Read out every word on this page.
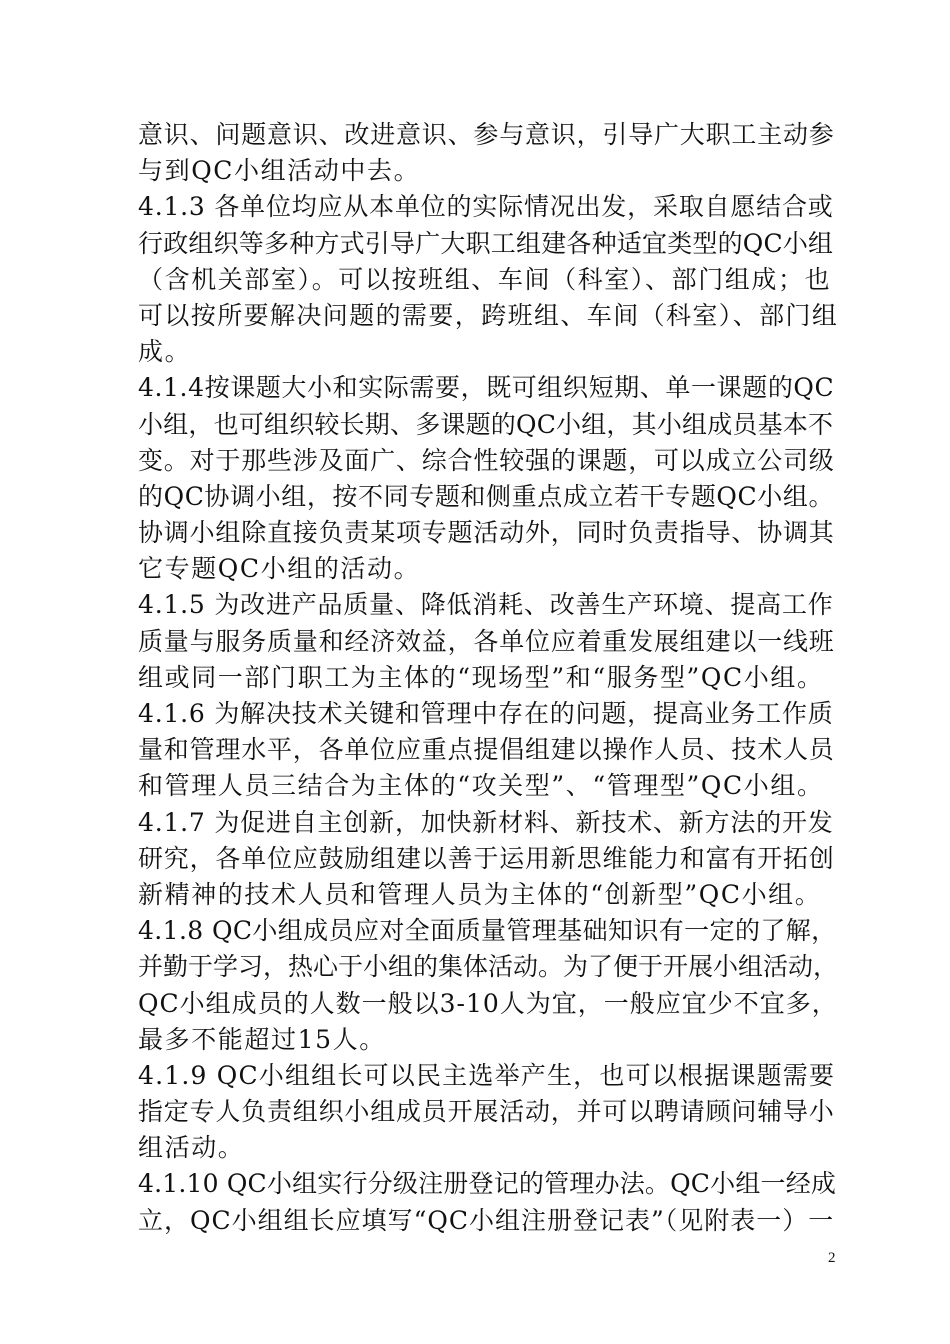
意识、问题意识、改进意识、参与意识，引导广大职工主动参
与到QC小组活动中去。
4.1.3 各单位均应从本单位的实际情况出发，采取自愿结合或
行政组织等多种方式引导广大职工组建各种适宜类型的QC小组
（含机关部室）。可以按班组、车间（科室）、部门组成；也
可以按所要解决问题的需要，跨班组、车间（科室）、部门组
成。
4.1.4按课题大小和实际需要，既可组织短期、单一课题的QC
小组，也可组织较长期、多课题的QC小组，其小组成员基本不
变。对于那些涉及面广、综合性较强的课题，可以成立公司级
的QC协调小组，按不同专题和侧重点成立若干专题QC小组。
协调小组除直接负责某项专题活动外，同时负责指导、协调其
它专题QC小组的活动。
4.1.5 为改进产品质量、降低消耗、改善生产环境、提高工作
质量与服务质量和经济效益，各单位应着重发展组建以一线班
组或同一部门职工为主体的“现场型”和“服务型”QC小组。
4.1.6 为解决技术关键和管理中存在的问题，提高业务工作质
量和管理水平，各单位应重点提倡组建以操作人员、技术人员
和管理人员三结合为主体的“攻关型”、“管理型”QC小组。
4.1.7 为促进自主创新，加快新材料、新技术、新方法的开发
研究，各单位应鼓励组建以善于运用新思维能力和富有开拓创
新精神的技术人员和管理人员为主体的“创新型”QC小组。
4.1.8 QC小组成员应对全面质量管理基础知识有一定的了解，
并勤于学习，热心于小组的集体活动。为了便于开展小组活动，
QC小组成员的人数一般以3-10人为宜，一般应宜少不宜多，
最多不能超过15人。
4.1.9 QC小组组长可以民主选举产生，也可以根据课题需要
指定专人负责组织小组成员开展活动，并可以聘请顾问辅导小
组活动。
4.1.10 QC小组实行分级注册登记的管理办法。QC小组一经成
立，QC小组组长应填写“QC小组注册登记表”（见附表一）一
2
